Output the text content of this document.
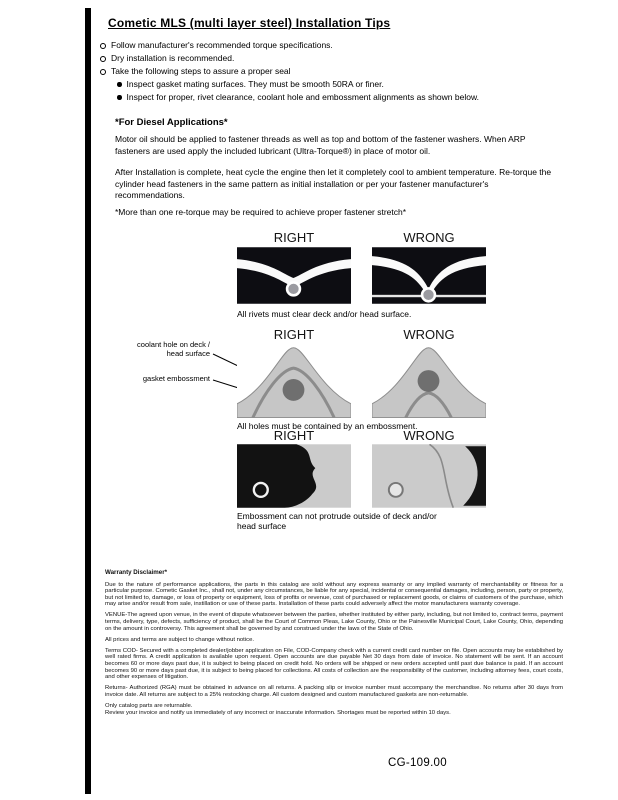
Cometic MLS (multi layer steel) Installation Tips
Follow manufacturer's recommended torque specifications.
Dry installation is recommended.
Take the following steps to assure a proper seal
Inspect gasket mating surfaces. They must be smooth 50RA or finer.
Inspect for proper, rivet clearance, coolant hole and embossment alignments as shown below.
*For Diesel Applications*
Motor oil should be applied to fastener threads as well as top and bottom of the fastener washers. When ARP fasteners are used apply the included lubricant (Ultra-Torque®) in place of motor oil.
After Installation is complete, heat cycle the engine then let it completely cool to ambient temperature. Re-torque the cylinder head fasteners in the same pattern as initial installation or per your fastener manufacturer's recommendations.
*More than one re-torque may be required to achieve proper fastener stretch*
RIGHT	WRONG
All rivets must clear deck and/or head surface.
RIGHT	WRONG
coolant hole on deck / head surface
gasket embossment
All holes must be contained by an embossment.
RIGHT	WRONG
Embossment can not protrude outside of deck and/or head surface
Warranty Disclaimer*

Due to the nature of performance applications, the parts in this catalog are sold without any express warranty or any implied warranty of merchantability or fitness for a particular purpose. Cometic Gasket Inc., shall not, under any circumstances, be liable for any special, incidental or consequential damages, including, person, party or property, but not limited to, damage, or loss of property or equipment, loss of profits or revenue, cost of purchased or replacement goods, or claims of customers of the purchase, which may arise and/or result from sale, instillation or use of these parts. Installation of these parts could adversely affect the motor manufacturers warranty coverage.

VENUE-The agreed upon venue, in the event of dispute whatsoever between the parties, whether instituted by either party, including, but not limited to, contract terms, payment terms, delivery, type, defects, sufficiency of product, shall be the Court of Common Pleas, Lake County, Ohio or the Painesville Municipal Court, Lake County, Ohio, depending on the amount in controversy. This agreement shall be governed by and construed under the laws of the State of Ohio.

All prices and terms are subject to change without notice.

Terms COD- Secured with a completed dealer/jobber application on File, COD-Company check with a current credit card number on file. Open accounts may be established by well rated firms. A credit application is available upon request. Open accounts are due payable Net 30 days from date of invoice. No statement will be sent. If an account becomes 60 or more days past due, it is subject to being placed on credit hold. No orders will be shipped or new orders accepted until past due balance is paid. If an account becomes 90 or more days past due, it is subject to being placed for collections. All costs of collection are the responsibility of the customer, including attorney fees, court costs, and other expenses of litigation.

Returns- Authorized (RGA) must be obtained in advance on all returns. A packing slip or invoice number must accompany the merchandise. No returns after 30 days from invoice date. All returns are subject to a 25% restocking charge. All custom designed and custom manufactured gaskets are non-returnable.

Only catalog parts are returnable.

Review your invoice and notify us immediately of any incorrect or inaccurate information. Shortages must be reported within 10 days.

CG-109.00
